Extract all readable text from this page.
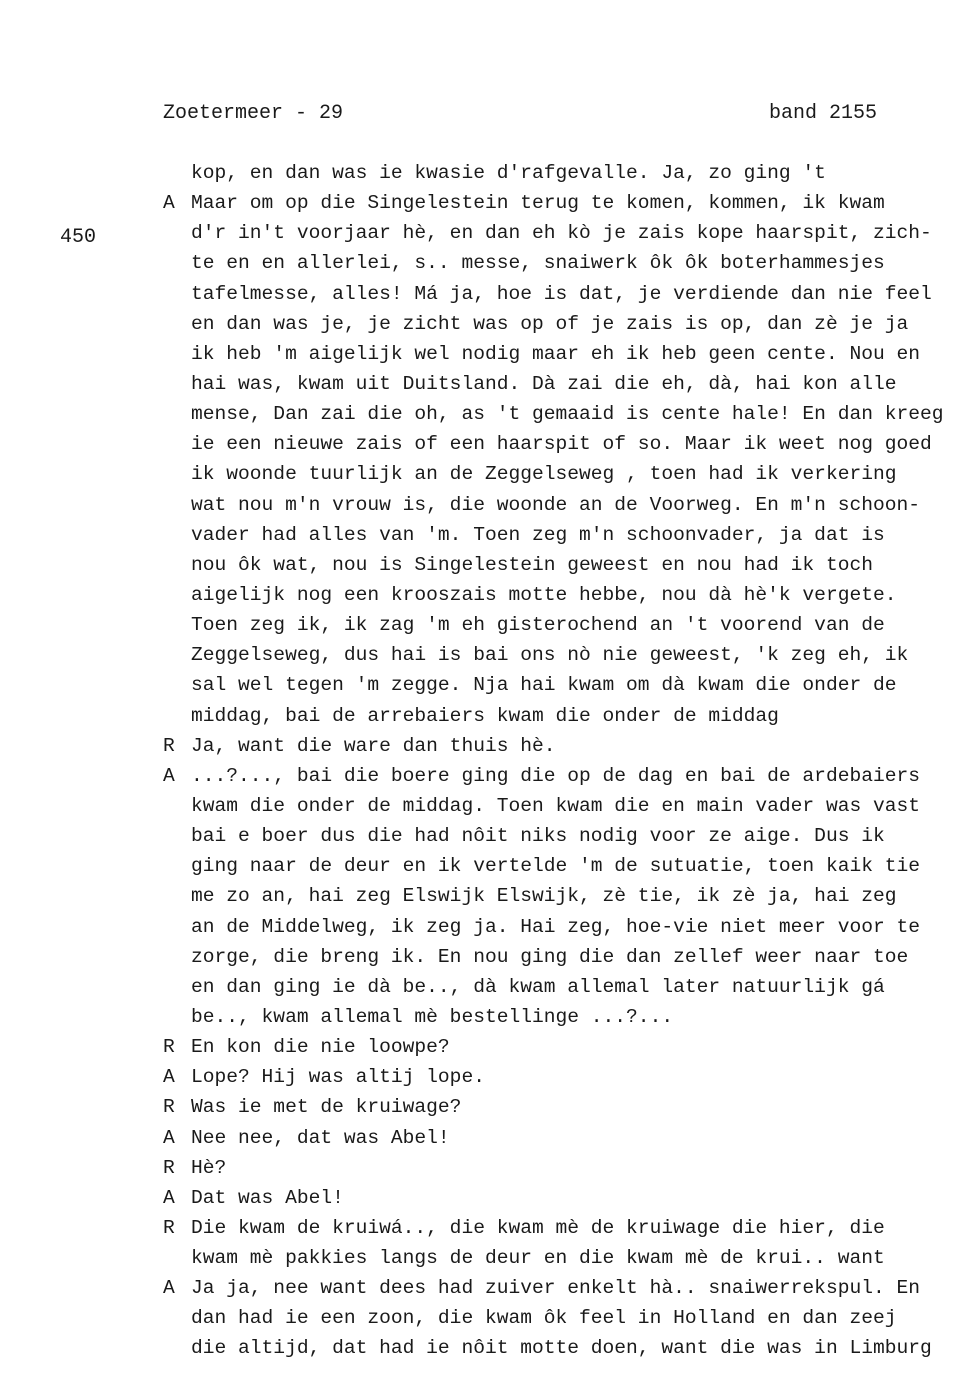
Zoetermeer - 29	band 2155
450
kop, en dan was ie kwasie d'rafgevalle. Ja, zo ging 't
A Maar om op die Singelestein terug te komen, kommen, ik kwam
d'r in't voorjaar hè, en dan eh kò je zais kope haarspit, zich-
te en en allerlei, s.. messe, snaiwerk ôk ôk boterhammesjes
tafelmesse, alles! Má ja, hoe is dat, je verdiende dan nie feel
en dan was je, je zicht was op of je zais is op, dan zè je ja
ik heb 'm aigelijk wel nodig maar eh ik heb geen cente. Nou en
hai was, kwam uit Duitsland. Dà zai die eh, dà, hai kon alle
mense, Dan zai die oh, as 't gemaaid is cente hale! En dan kreeg
ie een nieuwe zais of een haarspit of so. Maar ik weet nog goed
ik woonde tuurlijk an de Zeggelseweg , toen had ik verkering
wat nou m'n vrouw is, die woonde an de Voorweg. En m'n schoon-
vader had alles van 'm. Toen zeg m'n schoonvader, ja dat is
nou ôk wat, nou is Singelestein geweest en nou had ik toch
aigelijk nog een krooszais motte hebbe, nou dà hè'k vergete.
Toen zeg ik, ik zag 'm eh gisterochend an 't voorend van de
Zeggelseweg, dus hai is bai ons nò nie geweest, 'k zeg eh, ik
sal wel tegen 'm zegge. Nja hai kwam om dà kwam die onder de
middag, bai de arrebaiers kwam die onder de middag
R Ja, want die ware dan thuis hè.
A ...?..., bai die boere ging die op de dag en bai de ardebaiers
kwam die onder de middag. Toen kwam die en main vader was vast
bai e boer dus die had nôit niks nodig voor ze aige. Dus ik
ging naar de deur en ik vertelde 'm de sutuatie, toen kaik tie
me zo an, hai zeg Elswijk Elswijk, zè tie, ik zè ja, hai zeg
an de Middelweg, ik zeg ja. Hai zeg, hoe-vie niet meer voor te
zorge, die breng ik. En nou ging die dan zellef weer naar toe
en dan ging ie dà be.., dà kwam allemal later natuurlijk gá
be.., kwam allemal mè bestellinge ...?...
R En kon die nie loowpe?
A Lope? Hij was altij lope.
R Was ie met de kruiwage?
A Nee nee, dat was Abel!
R Hè?
A Dat was Abel!
R Die kwam de kruiwá.., die kwam mè de kruiwage die hier, die
kwam mè pakkies langs de deur en die kwam mè de krui.. want
A Ja ja, nee want dees had zuiver enkelt hà.. snaiwerrekspul. En
dan had ie een zoon, die kwam ôk feel in Holland en dan zeej
die altijd, dat had ie nôit motte doen, want die was in Limburg
